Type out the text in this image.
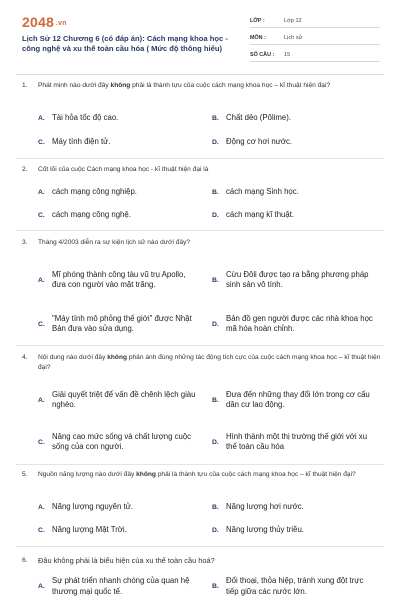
2048 .vn
Lịch Sử 12 Chương 6 (có đáp án): Cách mạng khoa học - công nghệ và xu thế toàn cầu hóa ( Mức độ thông hiểu)
LỚP :	Lớp 12
MÔN :	Lịch sử
SỐ CÂU :	15
1.	Phát minh nào dưới đây không phải là thành tựu của cuộc cách mạng khoa học – kĩ thuật hiện đại?
A. Tài hỏa tốc độ cao.	B. Chất dẻo (Pôlime).
C. Máy tính điện tử.	D. Động cơ hơi nước.
2.	Cốt lõi của cuộc Cách mạng khoa học - kĩ thuật hiện đại là
A. cách mạng công nghiệp.	B. cách mạng Sinh học.
C. cách mạng công nghệ.	D. cách mạng kĩ thuật.
3.	Tháng 4/2003 diễn ra sự kiện lịch sử nào dưới đây?
A.
Mĩ phóng thành công tàu vũ trụ Apollo, đưa con người vào mặt trăng.	B.
Cừu Đôli được tạo ra bằng phương pháp sinh sản vô tính.
C.
"Máy tính mô phỏng thế giới" được Nhật Bản đưa vào sửa dụng.	D.
Bản đồ gen người được các nhà khoa học mã hóa hoàn chỉnh.
4.	Nội dung nào dưới đây không phản ánh đúng những tác động tích cực của cuộc cách mạng khoa học – kĩ thuật hiện đại?
A.
Giải quyết triệt để vấn đề chênh lệch giàu nghèo.	B.
Đưa đến những thay đổi lớn trong cơ cấu dân cư lao động.
C.
Nâng cao mức sống và chất lượng cuộc sống của con người.	D.
Hình thành một thị trường thế giới với xu thế toàn cầu hóa
5.	Nguồn năng lượng nào dưới đây không phải là thành tựu của cuộc cách mạng khoa học – kĩ thuật hiện đại?
A. Năng lượng nguyên tử.	B. Năng lượng hơi nước.
C. Năng lượng Mặt Trời.	D. Năng lượng thủy triều.
6.	Đâu không phải là biểu hiện của xu thế toàn cầu hoá?
A.
Sự phát triển nhanh chóng của quan hệ thương mại quốc tế.	B.
Đối thoại, thỏa hiệp, tránh xung đột trực tiếp giữa các nước lớn.
